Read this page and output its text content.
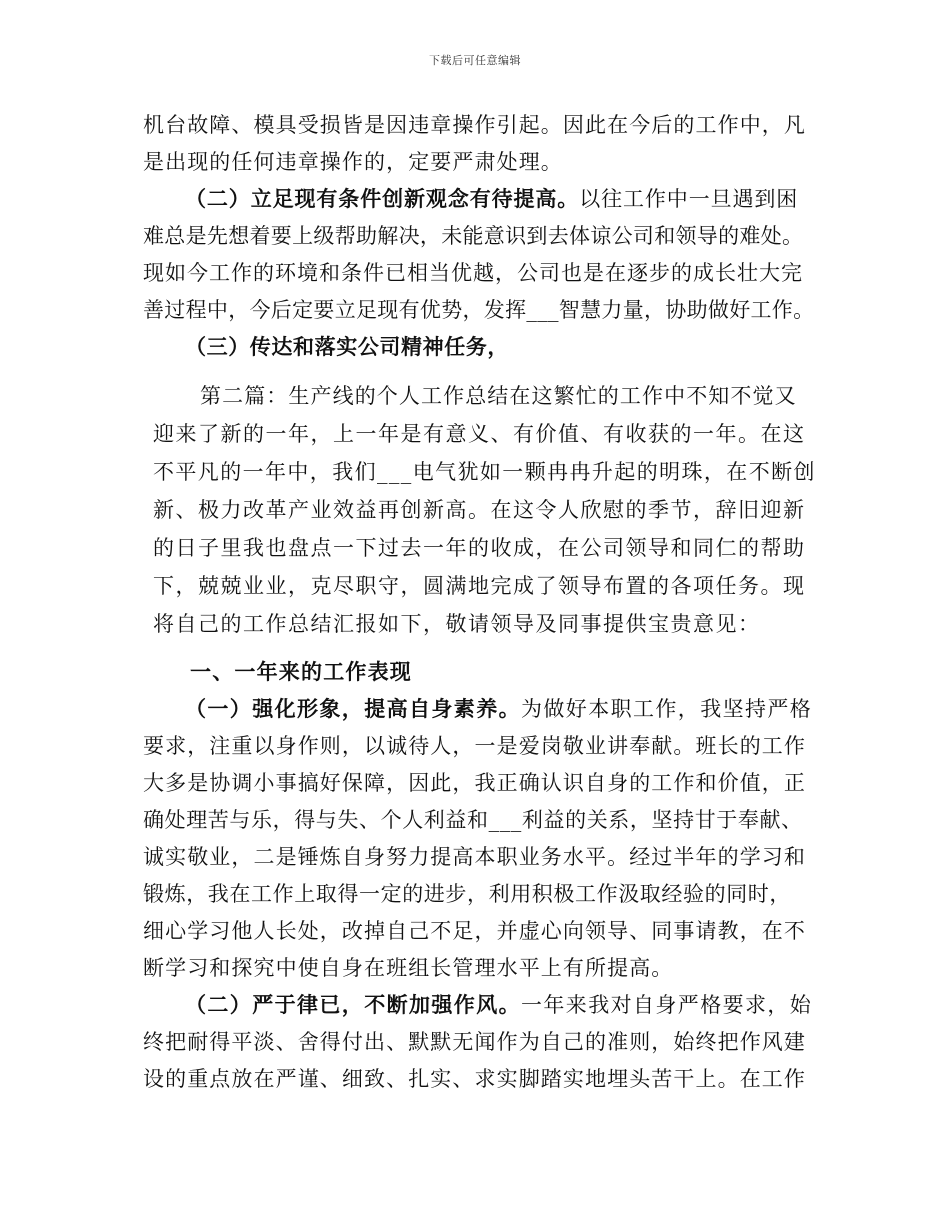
下载后可任意编辑
机台故障、模具受损皆是因违章操作引起。因此在今后的工作中，凡
是出现的任何违章操作的，定要严肃处理。
（二）立足现有条件创新观念有待提高。以往工作中一旦遇到困
难总是先想着要上级帮助解决，未能意识到去体谅公司和领导的难处。
现如今工作的环境和条件已相当优越，公司也是在逐步的成长壮大完
善过程中，今后定要立足现有优势，发挥___智慧力量，协助做好工作。
（三）传达和落实公司精神任务，
第二篇：生产线的个人工作总结在这繁忙的工作中不知不觉又
迎来了新的一年，上一年是有意义、有价值、有收获的一年。在这
不平凡的一年中，我们___电气犹如一颗冉冉升起的明珠，在不断创
新、极力改革产业效益再创新高。在这令人欣慰的季节，辞旧迎新
的日子里我也盘点一下过去一年的收成，在公司领导和同仁的帮助
下，兢兢业业，克尽职守，圆满地完成了领导布置的各项任务。现
将自己的工作总结汇报如下，敬请领导及同事提供宝贵意见：
一、一年来的工作表现
（一）强化形象，提高自身素养。为做好本职工作，我坚持严格
要求，注重以身作则，以诚待人，一是爱岗敬业讲奉献。班长的工作
大多是协调小事搞好保障，因此，我正确认识自身的工作和价值，正
确处理苦与乐，得与失、个人利益和___利益的关系，坚持甘于奉献、
诚实敬业，二是锤炼自身努力提高本职业务水平。经过半年的学习和
锻炼，我在工作上取得一定的进步，利用积极工作汲取经验的同时，
细心学习他人长处，改掉自己不足，并虚心向领导、同事请教，在不
断学习和探究中使自身在班组长管理水平上有所提高。
（二）严于律已，不断加强作风。一年来我对自身严格要求，始
终把耐得平淡、舍得付出、默默无闻作为自己的准则，始终把作风建
设的重点放在严谨、细致、扎实、求实脚踏实地埋头苦干上。在工作
